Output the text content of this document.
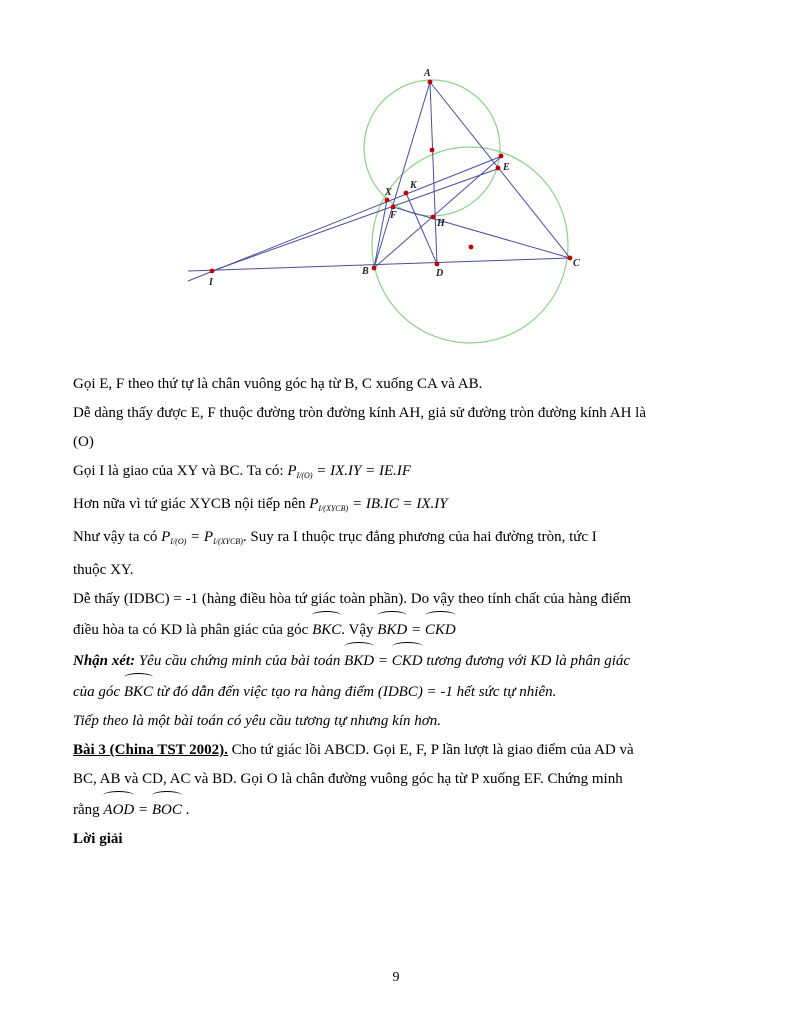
A
E
X
K
F
H
I
B	D
C
Gọi E, F theo thứ tự là chân vuông góc hạ từ B, C xuống CA và AB.
Dễ dàng thấy được E, F thuộc đường tròn đường kính AH, giả sử đường tròn đường kính AH là
(O)
Gọi I là giao của XY và BC. Ta có: $P_{I/(O)} = IX.IY = IE.IF$
Hơn nữa vì tứ giác XYCB nội tiếp nên $P_{I/(XYCB)} = IB.IC = IX.IY$
Như vậy ta có $P_{I/(O)} = P_{I/(XYCB)}$. Suy ra I thuộc trục đẳng phương của hai đường tròn, tức I
thuộc XY.
Dễ thấy (IDBC) = -1 (hàng điều hòa tứ giác toàn phần). Do vậy theo tính chất của hàng điểm
điều hòa ta có KD là phân giác của góc BKC. Vậy BKD = CKD
Nhận xét: Yêu cầu chứng minh của bài toán BKD = CKD tương đương với KD là phân giác
của góc BKC từ đó dẫn đến việc tạo ra hàng điểm (IDBC) = -1 hết sức tự nhiên.
Tiếp theo là một bài toán có yêu cầu tương tự nhưng kín hơn.
Bài 3 (China TST 2002). Cho tứ giác lồi ABCD. Gọi E, F, P lần lượt là giao điểm của AD và
BC, AB và CD, AC và BD. Gọi O là chân đường vuông góc hạ từ P xuống EF. Chứng minh
rằng AOD = BOC .
Lời giải
9
